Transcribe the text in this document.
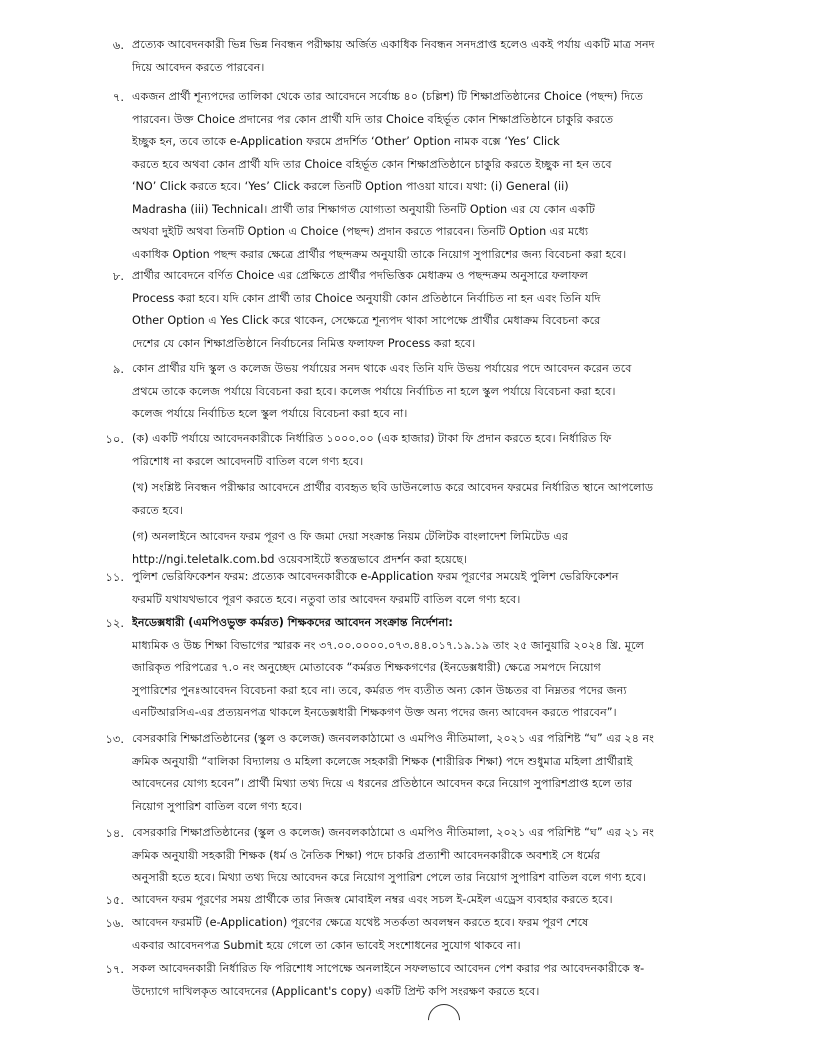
৬. প্রত্যেক আবেদনকারী ভিন্ন ভিন্ন নিবন্ধন পরীক্ষায় অর্জিত একাধিক নিবন্ধন সনদপ্রাপ্ত হলেও একই পর্যায় একটি মাত্র সনদ
দিয়ে আবেদন করতে পারবেন।
৭. একজন প্রার্থী শূন্যপদের তালিকা থেকে তার আবেদনে সর্বোচ্চ ৪০ (চল্লিশ) টি শিক্ষাপ্রতিষ্ঠানের Choice (পছন্দ) দিতে
পারবেন। উক্ত Choice প্রদানের পর কোন প্রার্থী যদি তার Choice বহির্ভূত কোন শিক্ষাপ্রতিষ্ঠানে চাকুরি করতে
ইচ্ছুক হন, তবে তাকে e-Application ফরমে প্রদর্শিত ‘Other’ Option নামক বক্সে ‘Yes’ Click
করতে হবে অথবা কোন প্রার্থী যদি তার Choice বহির্ভূত কোন শিক্ষাপ্রতিষ্ঠানে চাকুরি করতে ইচ্ছুক না হন তবে
‘NO’ Click করতে হবে। ‘Yes’ Click করলে তিনটি Option পাওয়া যাবে। যথা: (i) General (ii)
Madrasha (iii) Technical। প্রার্থী তার শিক্ষাগত যোগ্যতা অনুযায়ী তিনটি Option এর যে কোন একটি
অথবা দুইটি অথবা তিনটি Option এ Choice (পছন্দ) প্রদান করতে পারবেন। তিনটি Option এর মধ্যে
একাধিক Option পছন্দ করার ক্ষেত্রে প্রার্থীর পছন্দক্রম অনুযায়ী তাকে নিয়োগ সুপারিশের জন্য বিবেচনা করা হবে।
৮. প্রার্থীর আবেদনে বর্ণিত Choice এর প্রেক্ষিতে প্রার্থীর পদভিত্তিক মেধাক্রম ও পছন্দক্রম অনুসারে ফলাফল
Process করা হবে। যদি কোন প্রার্থী তার Choice অনুযায়ী কোন প্রতিষ্ঠানে নির্বাচিত না হন এবং তিনি যদি
Other Option এ Yes Click করে থাকেন, সেক্ষেত্রে শূন্যপদ থাকা সাপেক্ষে প্রার্থীর মেধাক্রম বিবেচনা করে
দেশের যে কোন শিক্ষাপ্রতিষ্ঠানে নির্বাচনের নিমিত্ত ফলাফল Process করা হবে।
৯. কোন প্রার্থীর যদি স্কুল ও কলেজ উভয় পর্যায়ের সনদ থাকে এবং তিনি যদি উভয় পর্যায়ের পদে আবেদন করেন তবে
প্রথমে তাকে কলেজ পর্যায়ে বিবেচনা করা হবে। কলেজ পর্যায়ে নির্বাচিত না হলে স্কুল পর্যায়ে বিবেচনা করা হবে।
কলেজ পর্যায়ে নির্বাচিত হলে স্কুল পর্যায়ে বিবেচনা করা হবে না।
১০. (ক) একটি পর্যায়ে আবেদনকারীকে নির্ধারিত ১০০০.০০ (এক হাজার) টাকা ফি প্রদান করতে হবে। নির্ধারিত ফি
পরিশোধ না করলে আবেদনটি বাতিল বলে গণ্য হবে।
(খ) সংশ্লিষ্ট নিবন্ধন পরীক্ষার আবেদনে প্রার্থীর ব্যবহৃত ছবি ডাউনলোড করে আবেদন ফরমের নির্ধারিত স্থানে আপলোড
করতে হবে।
(গ) অনলাইনে আবেদন ফরম পূরণ ও ফি জমা দেয়া সংক্রান্ত নিয়ম টেলিটক বাংলাদেশ লিমিটেড এর
http://ngi.teletalk.com.bd ওয়েবসাইটে স্বতন্ত্রভাবে প্রদর্শন করা হয়েছে।
১১. পুলিশ ভেরিফিকেশন ফরম: প্রত্যেক আবেদনকারীকে e-Application ফরম পূরণের সময়েই পুলিশ ভেরিফিকেশন
ফরমটি যথাযথভাবে পূরণ করতে হবে। নতুবা তার আবেদন ফরমটি বাতিল বলে গণ্য হবে।
১২. ইনডেক্সধারী (এমপিওভুক্ত কর্মরত) শিক্ষকদের আবেদন সংক্রান্ত নির্দেশনা:
মাধ্যমিক ও উচ্চ শিক্ষা বিভাগের স্মারক নং ৩৭.০০.০০০০.০৭৩.৪৪.০১৭.১৯.১৯ তাং ২৫ জানুয়ারি ২০২৪ খ্রি. মূলে
জারিকৃত পরিপত্রের ৭.০ নং অনুচ্ছেদ মোতাবেক “কর্মরত শিক্ষকগণের (ইনডেক্সধারী) ক্ষেত্রে সমপদে নিয়োগ
সুপারিশের পুনঃআবেদন বিবেচনা করা হবে না। তবে, কর্মরত পদ ব্যতীত অন্য কোন উচ্চতর বা নিম্নতর পদের জন্য
এনটিআরসিএ-এর প্রত্যয়নপত্র থাকলে ইনডেক্সধারী শিক্ষকগণ উক্ত অন্য পদের জন্য আবেদন করতে পারবেন”।
১৩. বেসরকারি শিক্ষাপ্রতিষ্ঠানের (স্কুল ও কলেজ) জনবলকাঠামো ও এমপিও নীতিমালা, ২০২১ এর পরিশিষ্ট “ঘ” এর ২৪ নং
ক্রমিক অনুযায়ী “বালিকা বিদ্যালয় ও মহিলা কলেজে সহকারী শিক্ষক (শারীরিক শিক্ষা) পদে শুধুমাত্র মহিলা প্রার্থীরাই
আবেদনের যোগ্য হবেন”। প্রার্থী মিথ্যা তথ্য দিয়ে এ ধরনের প্রতিষ্ঠানে আবেদন করে নিয়োগ সুপারিশপ্রাপ্ত হলে তার
নিয়োগ সুপারিশ বাতিল বলে গণ্য হবে।
১৪. বেসরকারি শিক্ষাপ্রতিষ্ঠানের (স্কুল ও কলেজ) জনবলকাঠামো ও এমপিও নীতিমালা, ২০২১ এর পরিশিষ্ট “ঘ” এর ২১ নং
ক্রমিক অনুযায়ী সহকারী শিক্ষক (ধর্ম ও নৈতিক শিক্ষা) পদে চাকরি প্রত্যাশী আবেদনকারীকে অবশ্যই সে ধর্মের
অনুসারী হতে হবে। মিথ্যা তথ্য দিয়ে আবেদন করে নিয়োগ সুপারিশ পেলে তার নিয়োগ সুপারিশ বাতিল বলে গণ্য হবে।
১৫. আবেদন ফরম পূরণের সময় প্রার্থীকে তার নিজস্ব মোবাইল নম্বর এবং সচল ই-মেইল এড্রেস ব্যবহার করতে হবে।
১৬. আবেদন ফরমটি (e-Application) পূরণের ক্ষেত্রে যথেষ্ট সতর্কতা অবলম্বন করতে হবে। ফরম পূরণ শেষে
একবার আবেদনপত্র Submit হয়ে গেলে তা কোন ভাবেই সংশোধনের সুযোগ থাকবে না।
১৭. সকল আবেদনকারী নির্ধারিত ফি পরিশোধ সাপেক্ষে অনলাইনে সফলভাবে আবেদন পেশ করার পর আবেদনকারীকে স্ব-
উদ্যোগে দাখিলকৃত আবেদনের (Applicant's copy) একটি প্রিন্ট কপি সংরক্ষণ করতে হবে।
